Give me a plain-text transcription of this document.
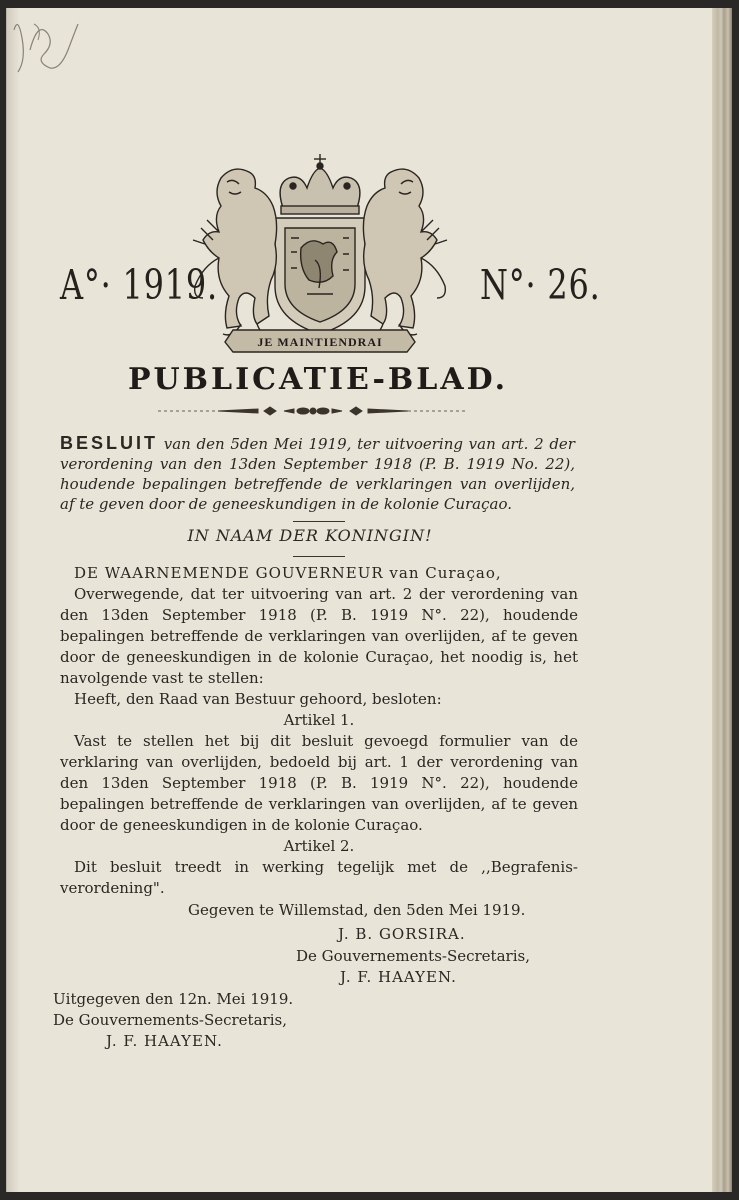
A°· 1919.	N°· 26.
JE MAINTIENDRAI
PUBLICATIE-BLAD.
BESLUIT van den 5den Mei 1919, ter uitvoering van art. 2 der verordening van den 13den September 1918 (P. B. 1919 No. 22), houdende bepalingen betreffende de verklaringen van overlijden, af te geven door de geneeskundigen in de kolonie Curaçao.
IN NAAM DER KONINGIN!

DE WAARNEMENDE GOUVERNEUR van Curaçao,

Overwegende, dat ter uitvoering van art. 2 der verordening van den 13den September 1918 (P. B. 1919 N°. 22), houdende bepalingen betreffende de verklaringen van overlijden, af te geven door de geneeskundigen in de kolonie Curaçao, het noodig is, het navolgende vast te stellen:

Heeft, den Raad van Bestuur gehoord, besloten:

Artikel 1.

Vast te stellen het bij dit besluit gevoegd formulier van de verklaring van overlijden, bedoeld bij art. 1 der verordening van den 13den September 1918 (P. B. 1919 N°. 22), houdende bepalingen betreffende de verklaringen van overlijden, af te geven door de geneeskundigen in de kolonie Curaçao.

Artikel 2.

Dit besluit treedt in werking tegelijk met de ,,Begrafenis-verordening".

Gegeven te Willemstad, den 5den Mei 1919.
J. B. GORSIRA.
De Gouvernements-Secretaris,
J. F. HAAYEN.
Uitgegeven den 12n. Mei 1919.
De Gouvernements-Secretaris,
J. F. HAAYEN.
